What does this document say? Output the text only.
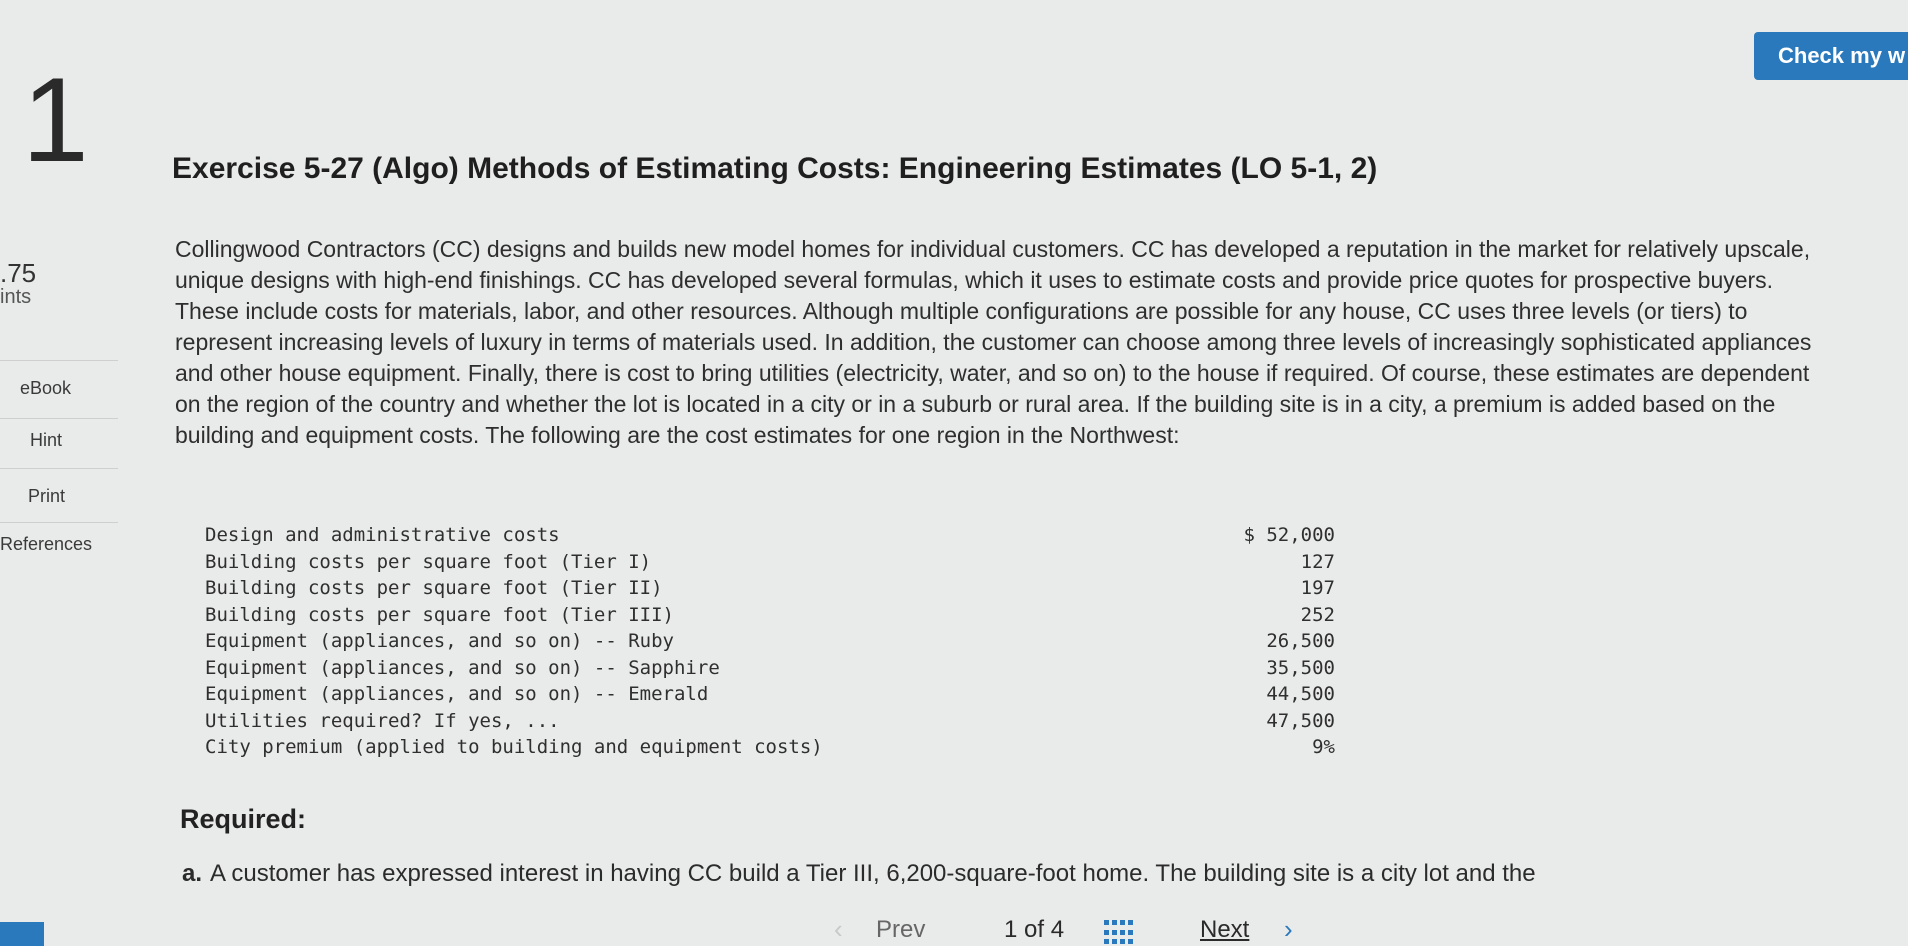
1
.75
ints
eBook
Hint
Print
References
Check my w
Exercise 5-27 (Algo) Methods of Estimating Costs: Engineering Estimates (LO 5-1, 2)

Collingwood Contractors (CC) designs and builds new model homes for individual customers. CC has developed a reputation in the market for relatively upscale, unique designs with high-end finishings. CC has developed several formulas, which it uses to estimate costs and provide price quotes for prospective buyers. These include costs for materials, labor, and other resources. Although multiple configurations are possible for any house, CC uses three levels (or tiers) to represent increasing levels of luxury in terms of materials used. In addition, the customer can choose among three levels of increasingly sophisticated appliances and other house equipment. Finally, there is cost to bring utilities (electricity, water, and so on) to the house if required. Of course, these estimates are dependent on the region of the country and whether the lot is located in a city or in a suburb or rural area. If the building site is in a city, a premium is added based on the building and equipment costs. The following are the cost estimates for one region in the Northwest:

Design and administrative costs	$ 52,000
Building costs per square foot (Tier I)	127
Building costs per square foot (Tier II)	197
Building costs per square foot (Tier III)	252
Equipment (appliances, and so on) -- Ruby	26,500
Equipment (appliances, and so on) -- Sapphire	35,500
Equipment (appliances, and so on) -- Emerald	44,500
Utilities required? If yes, ...	47,500
City premium (applied to building and equipment costs)	9%
Required:
a. A customer has expressed interest in having CC build a Tier III, 6,200-square-foot home. The building site is a city lot and the
‹ Prev	1 of 4	Next ›
